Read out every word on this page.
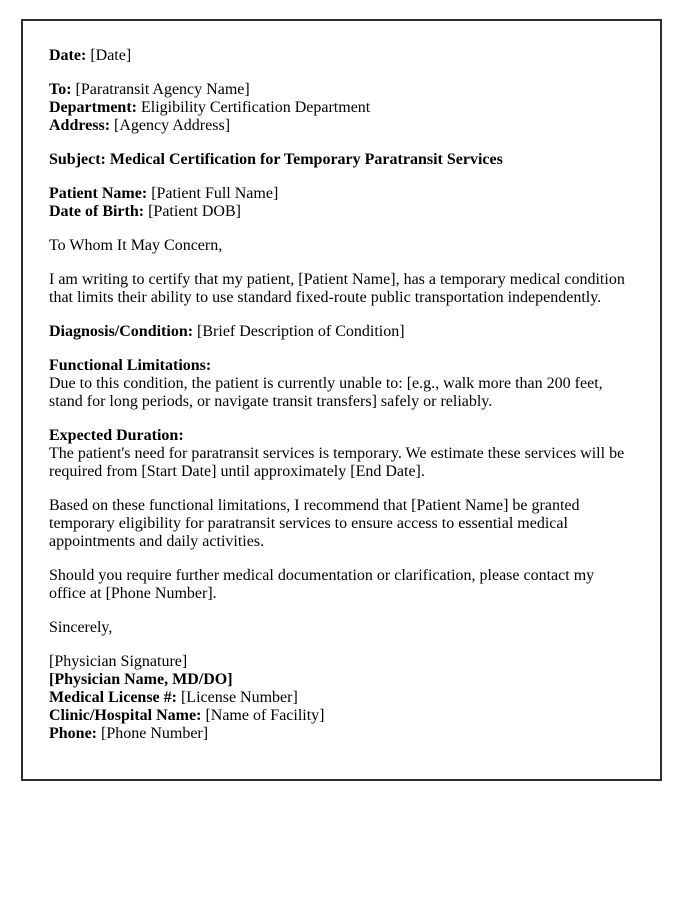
Date: [Date]
To: [Paratransit Agency Name]
Department: Eligibility Certification Department
Address: [Agency Address]
Subject: Medical Certification for Temporary Paratransit Services
Patient Name: [Patient Full Name]
Date of Birth: [Patient DOB]
To Whom It May Concern,
I am writing to certify that my patient, [Patient Name], has a temporary medical condition
that limits their ability to use standard fixed-route public transportation independently.
Diagnosis/Condition: [Brief Description of Condition]
Functional Limitations:
Due to this condition, the patient is currently unable to: [e.g., walk more than 200 feet,
stand for long periods, or navigate transit transfers] safely or reliably.
Expected Duration:
The patient's need for paratransit services is temporary. We estimate these services will be
required from [Start Date] until approximately [End Date].
Based on these functional limitations, I recommend that [Patient Name] be granted
temporary eligibility for paratransit services to ensure access to essential medical
appointments and daily activities.
Should you require further medical documentation or clarification, please contact my
office at [Phone Number].
Sincerely,
[Physician Signature]
[Physician Name, MD/DO]
Medical License #: [License Number]
Clinic/Hospital Name: [Name of Facility]
Phone: [Phone Number]
